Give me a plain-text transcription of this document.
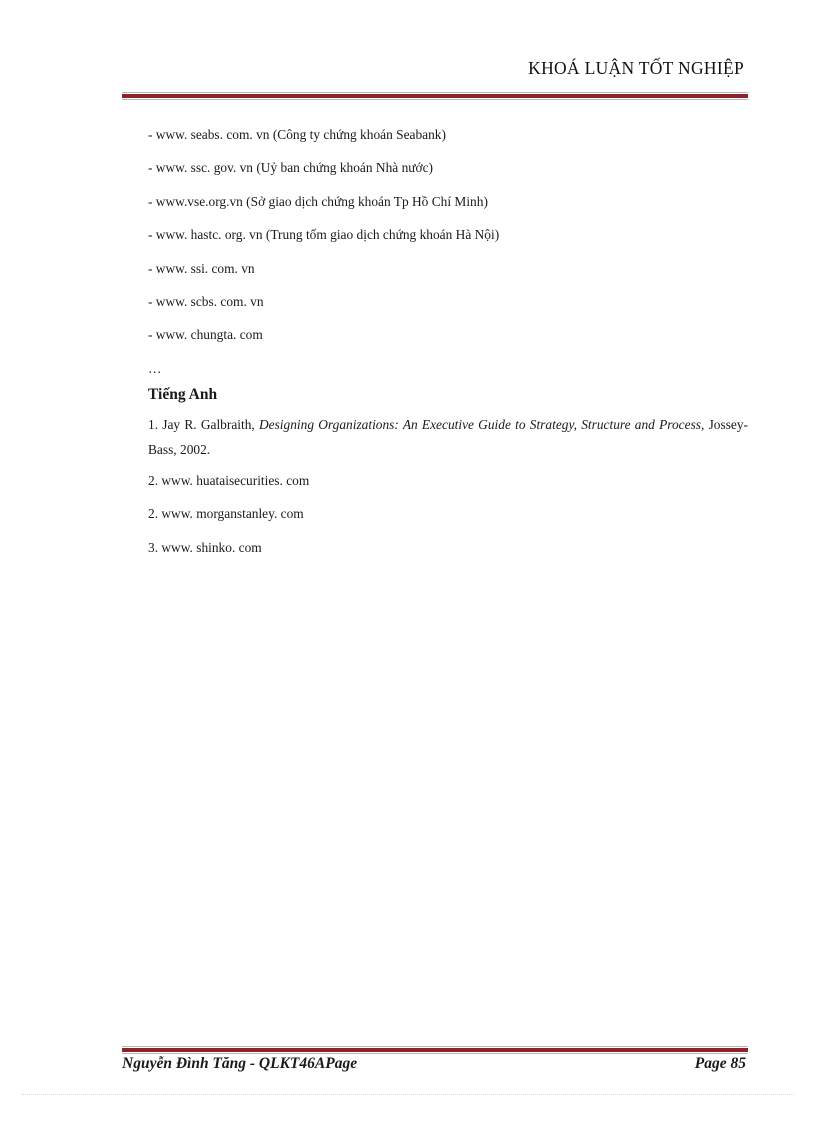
KHOÁ LUẬN TỐT NGHIỆP
- www. seabs. com. vn (Công ty chứng khoán Seabank)
- www. ssc. gov. vn (Uỷ ban chứng khoán Nhà nước)
- www.vse.org.vn (Sở giao dịch chứng khoán Tp Hồ Chí Minh)
- www. hastc. org. vn (Trung tốm giao dịch chứng khoán Hà Nội)
- www. ssi. com. vn
- www. scbs. com. vn
- www. chungta. com
…
Tiếng Anh
1. Jay R. Galbraith, Designing Organizations: An Executive Guide to Strategy, Structure and Process, Jossey-Bass, 2002.
2. www. huataisecurities. com
2. www. morganstanley. com
3. www. shinko. com
Nguyễn Đình Tăng - QLKT46APage	Page 85
